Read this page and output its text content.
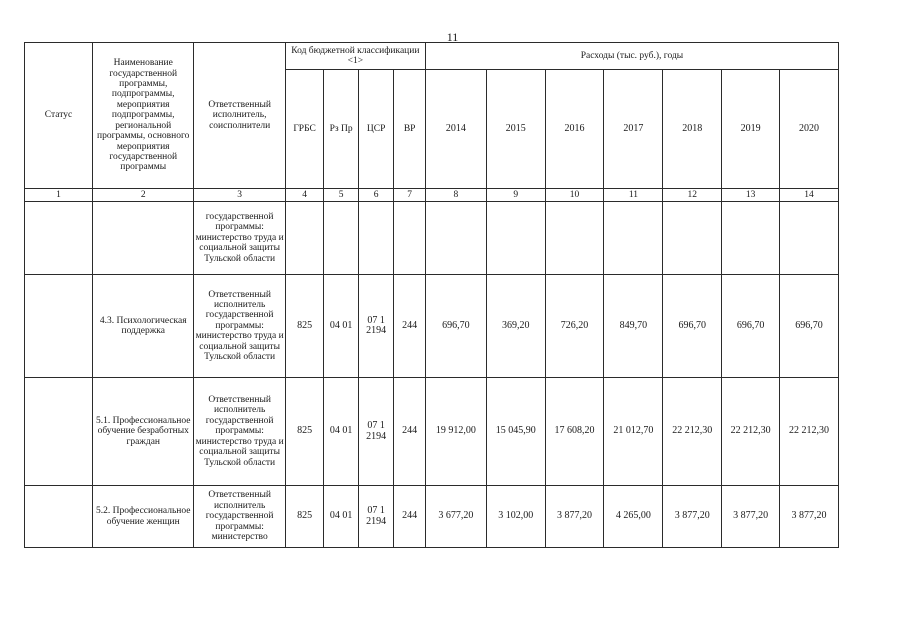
11
Статус	Наименование государственной программы, подпрограммы, мероприятия подпрограммы, региональной программы, основного мероприятия государственной программы	Ответственный исполнитель, соисполнители	Код бюджетной классификации <1>				Расходы (тыс. руб.), годы						
			ГРБС	Рз Пр	ЦСР	ВР	2014	2015	2016	2017	2018	2019	2020
1	2	3	4	5	6	7	8	9	10	11	12	13	14
		государственной программы: министерство труда и социальной защиты Тульской области											
	4.3. Психологическая поддержка	Ответственный исполнитель государственной программы: министерство труда и социальной защиты Тульской области	825	04 01	07 1 2194	244	696,70	369,20	726,20	849,70	696,70	696,70	696,70
	5.1. Профессиональное обучение безработных граждан	Ответственный исполнитель государственной программы: министерство труда и социальной защиты Тульской области	825	04 01	07 1 2194	244	19 912,00	15 045,90	17 608,20	21 012,70	22 212,30	22 212,30	22 212,30
	5.2. Профессиональное обучение женщин	Ответственный исполнитель государственной программы: министерство	825	04 01	07 1 2194	244	3 677,20	3 102,00	3 877,20	4 265,00	3 877,20	3 877,20	3 877,20
